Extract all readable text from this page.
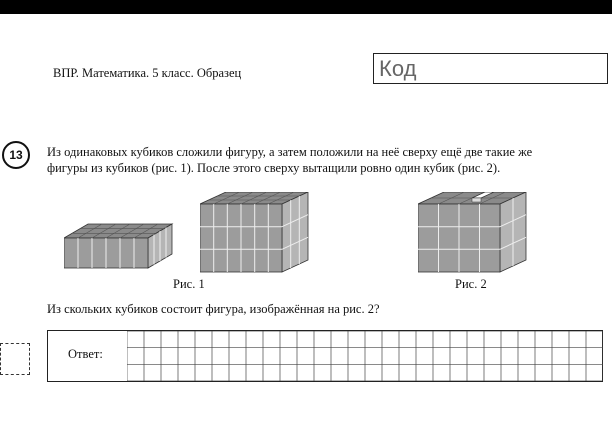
ВПР. Математика. 5 класс. Образец	Код
13	Из одинаковых кубиков сложили фигуру, а затем положили на неё сверху ещё две такие же
фигуры из кубиков (рис. 1). После этого сверху вытащили ровно один кубик (рис. 2).
Рис. 1	Рис. 2
Из скольких кубиков состоит фигура, изображённая на рис. 2?
Ответ:
